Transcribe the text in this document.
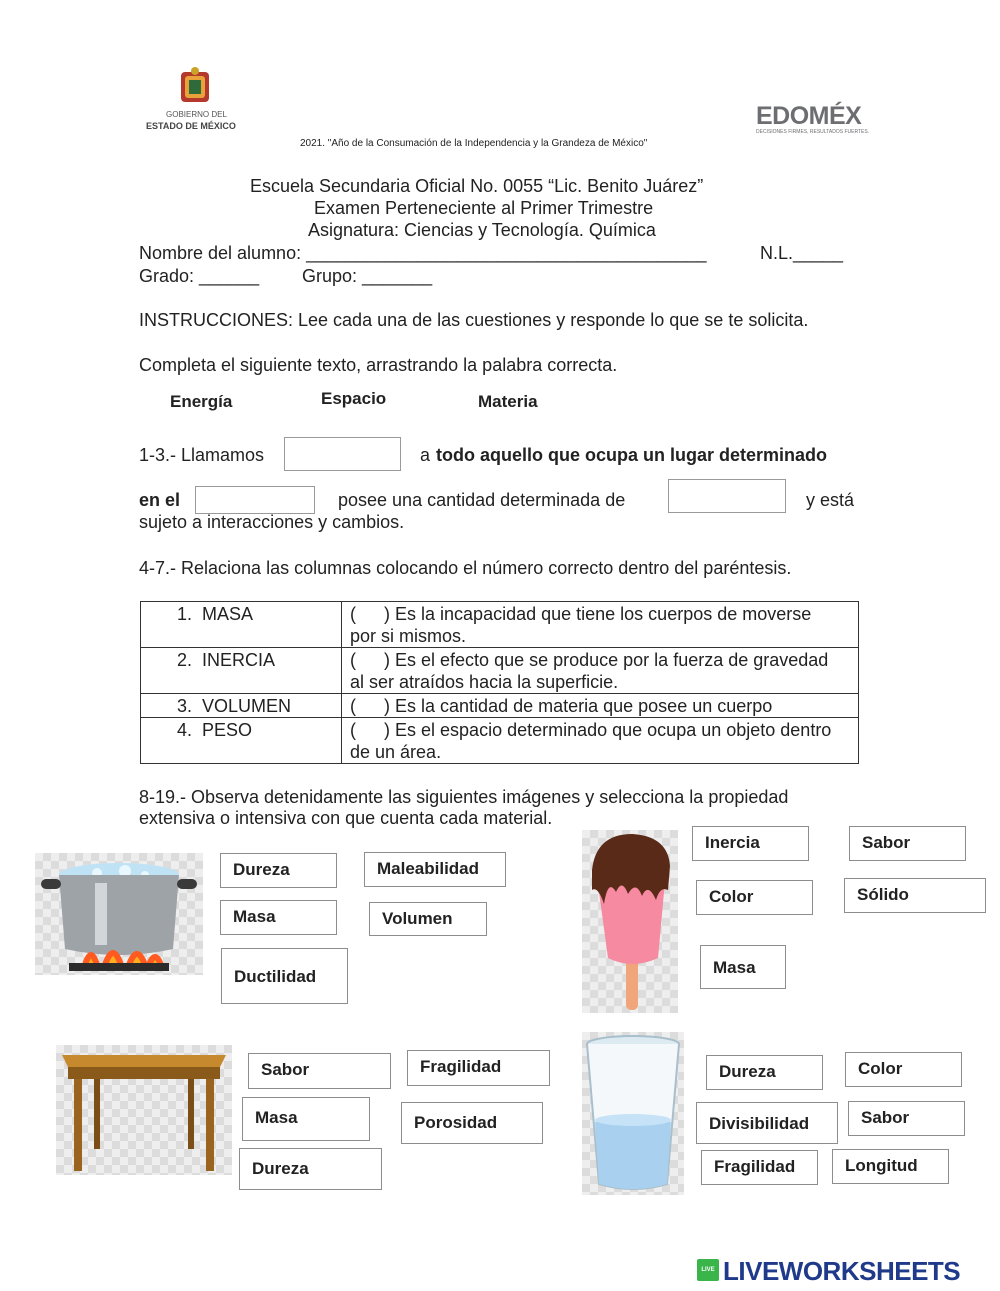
GOBIERNO DEL
ESTADO DE MÉXICO	EDOMÉX
DECISIONES FIRMES, RESULTADOS FUERTES.
2021. "Año de la Consumación de la Independencia y la Grandeza de México"
Escuela Secundaria Oficial No. 0055 “Lic. Benito Juárez”
Examen Perteneciente al Primer Trimestre
Asignatura: Ciencias y Tecnología. Química
Nombre del alumno: ________________________________________	N.L._____
Grado: ______ Grupo: _______
INSTRUCCIONES: Lee cada una de las cuestiones y responde lo que se te solicita.
Completa el siguiente texto, arrastrando la palabra correcta.
Energía	Espacio	Materia
1-3.- Llamamos	a todo aquello que ocupa un lugar determinado
en el	posee una cantidad determinada de	y está
sujeto a interacciones y cambios.
4-7.- Relaciona las columnas colocando el número correcto dentro del paréntesis.
1. MASA	( ) Es la incapacidad que tiene los cuerpos de moverse
por si mismos.
2. INERCIA	( ) Es el efecto que se produce por la fuerza de gravedad
al ser atraídos hacia la superficie.
3. VOLUMEN	( ) Es la cantidad de materia que posee un cuerpo
4. PESO	( ) Es el espacio determinado que ocupa un objeto dentro
de un área.
8-19.- Observa detenidamente las siguientes imágenes y selecciona la propiedad
extensiva o intensiva con que cuenta cada material.
Dureza	Maleabilidad
Masa	Volumen
Ductilidad
Inercia	Sabor
Color	Sólido
Masa
Sabor	Fragilidad
Masa	Porosidad
Dureza
Dureza	Color
Divisibilidad	Sabor
Fragilidad	Longitud
LIVE LIVEWORKSHEETS
